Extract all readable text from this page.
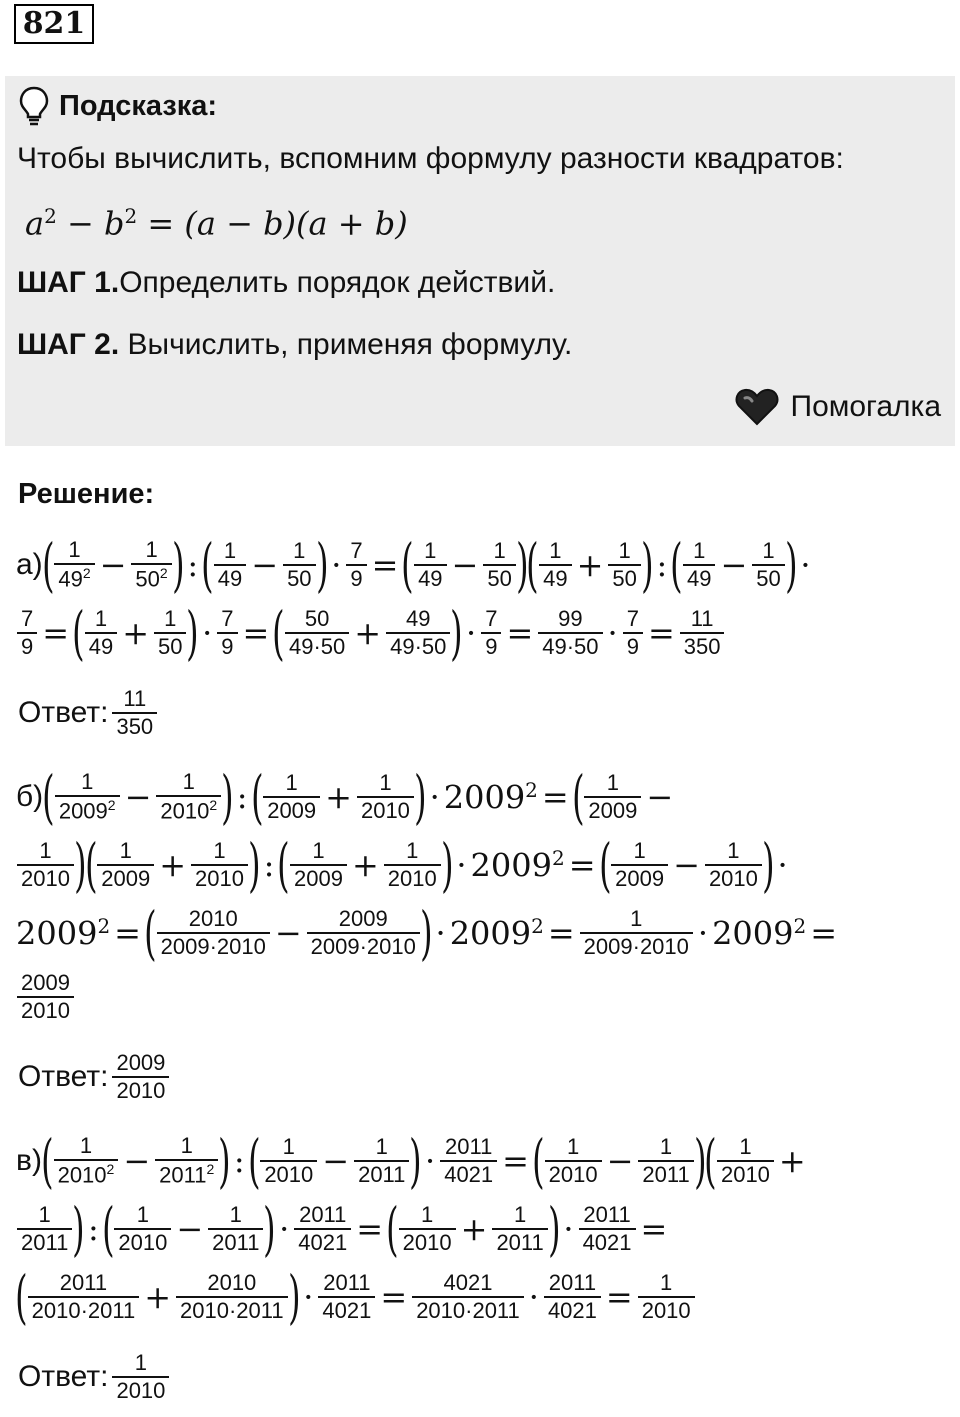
821
Подсказка:
Чтобы вычислить, вспомним формулу разности квадратов:
$a^2 - b^2 = (a - b)(a + b)$
ШАГ 1.Определить порядок действий.
ШАГ 2. Вычислить, применяя формулу.
Помогалка
Решение:
а) ( 1
$49^2 - \frac{1}{50^2}$ ) : ( 1
$49 - \frac{1}{50}$ ) · $\frac{7}{9}$ = ( 1
$49 - \frac{1}{50}$ )
( 1
$49 + \frac{1}{50}$ ) : ( 1
$49 - \frac{1}{50}$ ) ·
$\frac{7}{9}$ = ( 1
$49 + \frac{1}{50}$ ) · $\frac{7}{9}$ = ( 50
$49\cdot 50 + \frac{49}{49\cdot 50}$ ) · $\frac{7}{9} = \frac{99}{49\cdot 50} \cdot \frac{7}{9} = \frac{11}{350}$
Ответ: $\frac{11}{350}$
б) ( 1
$2009^2 - \frac{1}{2010^2}$ ) : ( 1
$2009 + \frac{1}{2010}$ ) · $2009^2$ = ( 1
2009 −
1
2010 )
( 1
$2009 + \frac{1}{2010}$ ) : ( 1
$2009 + \frac{1}{2010}$ ) · $2009^2$ = ( 1
$2009 - \frac{1}{2010}$ ) ·
$2009^2$ = ( 2010
$2009\cdot 2010 - \frac{2009}{2009\cdot 2010}$ ) · $2009^2 = \frac{1}{2009\cdot 2010} \cdot 2009^2$ =
2009
2010
Ответ: $\frac{2009}{2010}$
в) ( 1
$2010^2 - \frac{1}{2011^2}$ ) : ( 1
$2010 - \frac{1}{2011}$ ) · $\frac{2011}{4021}$ = ( 1
$2010 - \frac{1}{2011}$ )
( 1
2010 +
1
2011 ) : ( 1
$2010 - \frac{1}{2011}$ ) · $\frac{2011}{4021}$ = ( 1
$2010 + \frac{1}{2011}$ ) · $\frac{2011}{4021}$ =
( 2011
$2010\cdot 2011 + \frac{2010}{2010\cdot 2011}$ ) · $\frac{2011}{4021} = \frac{4021}{2010\cdot 2011} \cdot \frac{2011}{4021} = \frac{1}{2010}$
Ответ: $\frac{1}{2010}$
